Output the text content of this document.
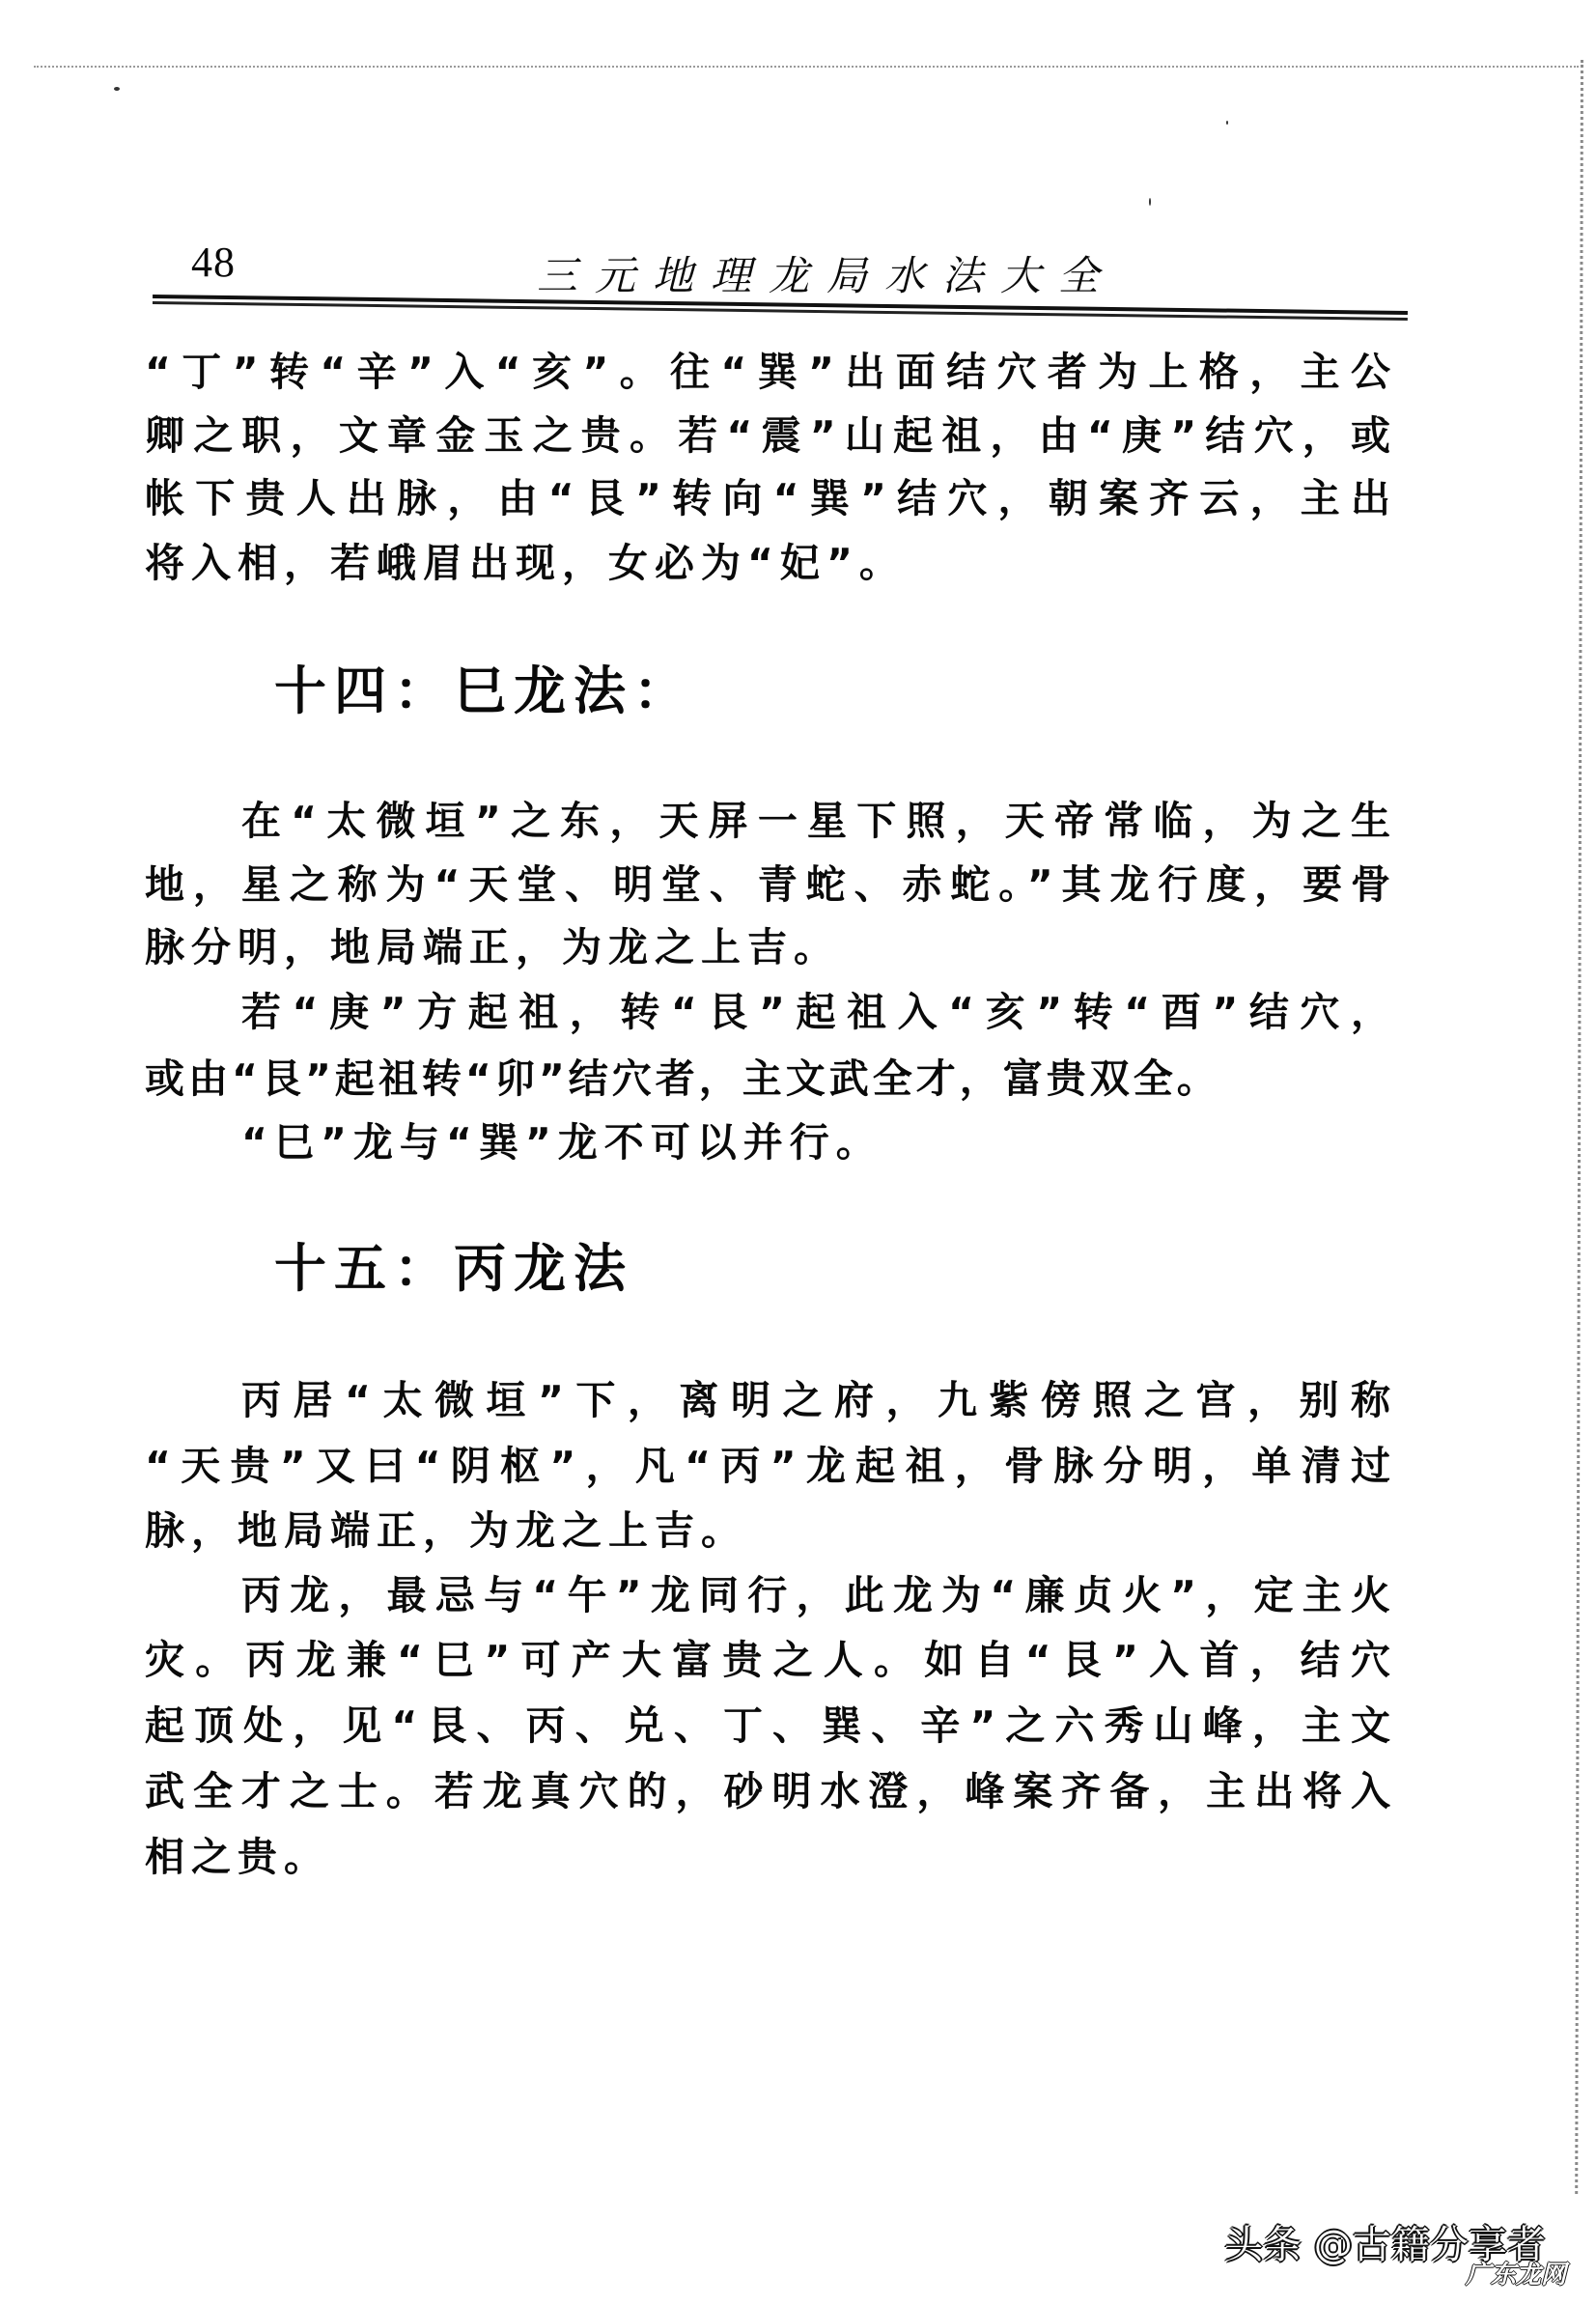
48	三元地理龙局水法大全
“丁”转“辛”入“亥”。往“巽”出面结穴者为上格，主公
卿之职，文章金玉之贵。若“震”山起祖，由“庚”结穴，或
帐下贵人出脉，由“艮”转向“巽”结穴，朝案齐云，主出
将入相，若峨眉出现，女必为“妃”。
十四：巳龙法：
在“太微垣”之东，天屏一星下照，天帝常临，为之生
地，星之称为“天堂、明堂、青蛇、赤蛇。”其龙行度，要骨
脉分明，地局端正，为龙之上吉。
若“庚”方起祖，转“艮”起祖入“亥”转“酉”结穴，
或由“艮”起祖转“卯”结穴者，主文武全才，富贵双全。
“巳”龙与“巽”龙不可以并行。
十五：丙龙法
丙居“太微垣”下，离明之府，九紫傍照之宫，别称
“天贵”又曰“阴枢”，凡“丙”龙起祖，骨脉分明，单清过
脉，地局端正，为龙之上吉。
丙龙，最忌与“午”龙同行，此龙为“廉贞火”，定主火
灾。丙龙兼“巳”可产大富贵之人。如自“艮”入首，结穴
起顶处，见“艮、丙、兑、丁、巽、辛”之六秀山峰，主文
武全才之士。若龙真穴的，砂明水澄，峰案齐备，主出将入
相之贵。
头条 @古籍分享者
广东龙网
